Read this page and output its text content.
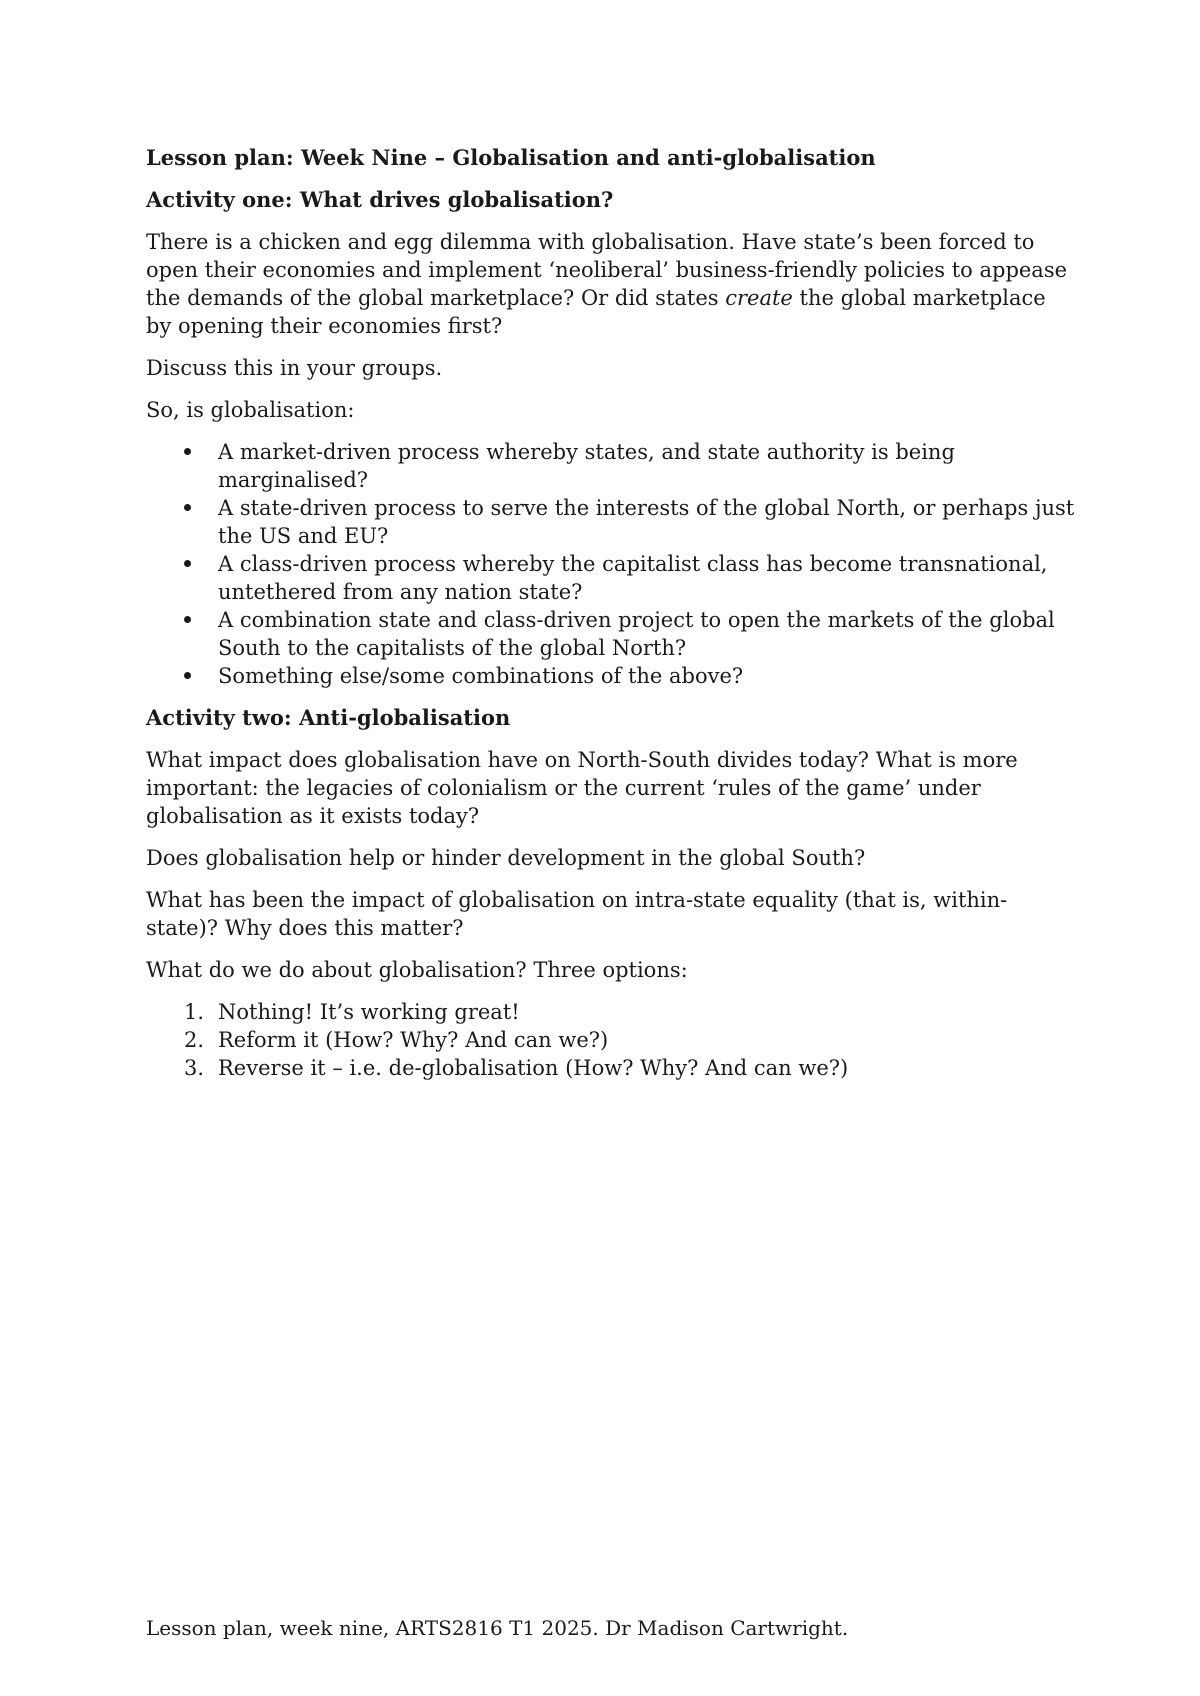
Lesson plan: Week Nine – Globalisation and anti-globalisation

Activity one: What drives globalisation?

There is a chicken and egg dilemma with globalisation. Have state’s been forced to open their economies and implement ‘neoliberal’ business-friendly policies to appease the demands of the global marketplace? Or did states create the global marketplace by opening their economies first?

Discuss this in your groups.

So, is globalisation:

A market-driven process whereby states, and state authority is being marginalised?
A state-driven process to serve the interests of the global North, or perhaps just the US and EU?
A class-driven process whereby the capitalist class has become transnational, untethered from any nation state?
A combination state and class-driven project to open the markets of the global South to the capitalists of the global North?
Something else/some combinations of the above?

Activity two: Anti-globalisation

What impact does globalisation have on North-South divides today? What is more important: the legacies of colonialism or the current ‘rules of the game’ under globalisation as it exists today?

Does globalisation help or hinder development in the global South?

What has been the impact of globalisation on intra-state equality (that is, within-state)? Why does this matter?

What do we do about globalisation? Three options:

1. Nothing! It’s working great!
2. Reform it (How? Why? And can we?)
3. Reverse it – i.e. de-globalisation (How? Why? And can we?)
Lesson plan, week nine, ARTS2816 T1 2025. Dr Madison Cartwright.
